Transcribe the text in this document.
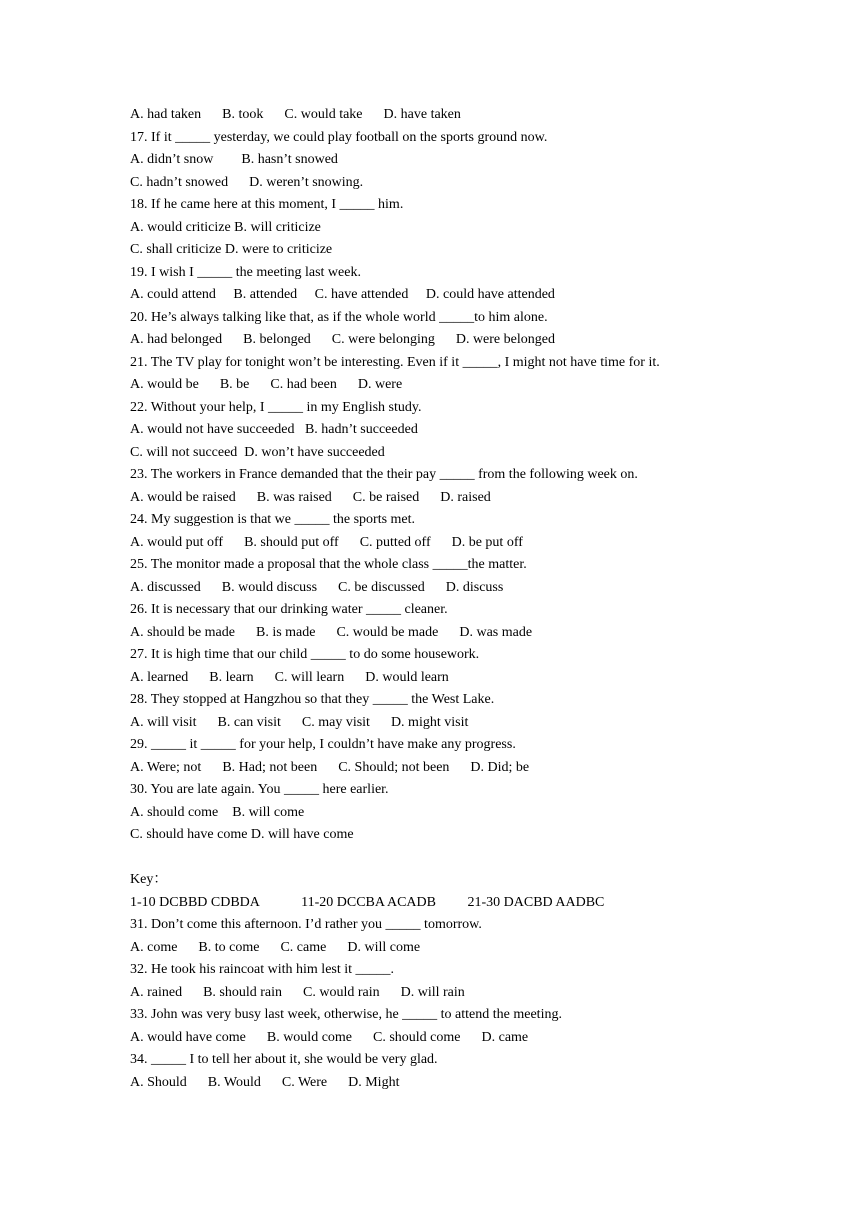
A. had taken      B. took      C. would take      D. have taken
17. If it _____ yesterday, we could play football on the sports ground now.
A. didn’t snow        B. hasn’t snowed
C. hadn’t snowed      D. weren’t snowing.
18. If he came here at this moment, I _____ him.
A. would criticize B. will criticize
C. shall criticize D. were to criticize
19. I wish I _____ the meeting last week.
A. could attend     B. attended     C. have attended     D. could have attended
20. He’s always talking like that, as if the whole world _____to him alone.
A. had belonged      B. belonged      C. were belonging      D. were belonged
21. The TV play for tonight won’t be interesting. Even if it _____, I might not have time for it.
A. would be      B. be      C. had been      D. were
22. Without your help, I _____ in my English study.
A. would not have succeeded   B. hadn’t succeeded
C. will not succeed  D. won’t have succeeded
23. The workers in France demanded that the their pay _____ from the following week on.
A. would be raised      B. was raised      C. be raised      D. raised
24. My suggestion is that we _____ the sports met.
A. would put off      B. should put off      C. putted off      D. be put off
25. The monitor made a proposal that the whole class _____the matter.
A. discussed      B. would discuss      C. be discussed      D. discuss
26. It is necessary that our drinking water _____ cleaner.
A. should be made      B. is made      C. would be made      D. was made
27. It is high time that our child _____ to do some housework.
A. learned      B. learn      C. will learn      D. would learn
28. They stopped at Hangzhou so that they _____ the West Lake.
A. will visit      B. can visit      C. may visit      D. might visit
29. _____ it _____ for your help, I couldn’t have make any progress.
A. Were; not      B. Had; not been      C. Should; not been      D. Did; be
30. You are late again. You _____ here earlier.
A. should come    B. will come
C. should have come D. will have come
Key：
1-10 DCBBD CDBDA            11-20 DCCBA ACADB         21-30 DACBD AADBC
31. Don’t come this afternoon. I’d rather you _____ tomorrow.
A. come      B. to come      C. came      D. will come
32. He took his raincoat with him lest it _____.
A. rained      B. should rain      C. would rain      D. will rain
33. John was very busy last week, otherwise, he _____ to attend the meeting.
A. would have come      B. would come      C. should come      D. came
34. _____ I to tell her about it, she would be very glad.
A. Should      B. Would      C. Were      D. Might
